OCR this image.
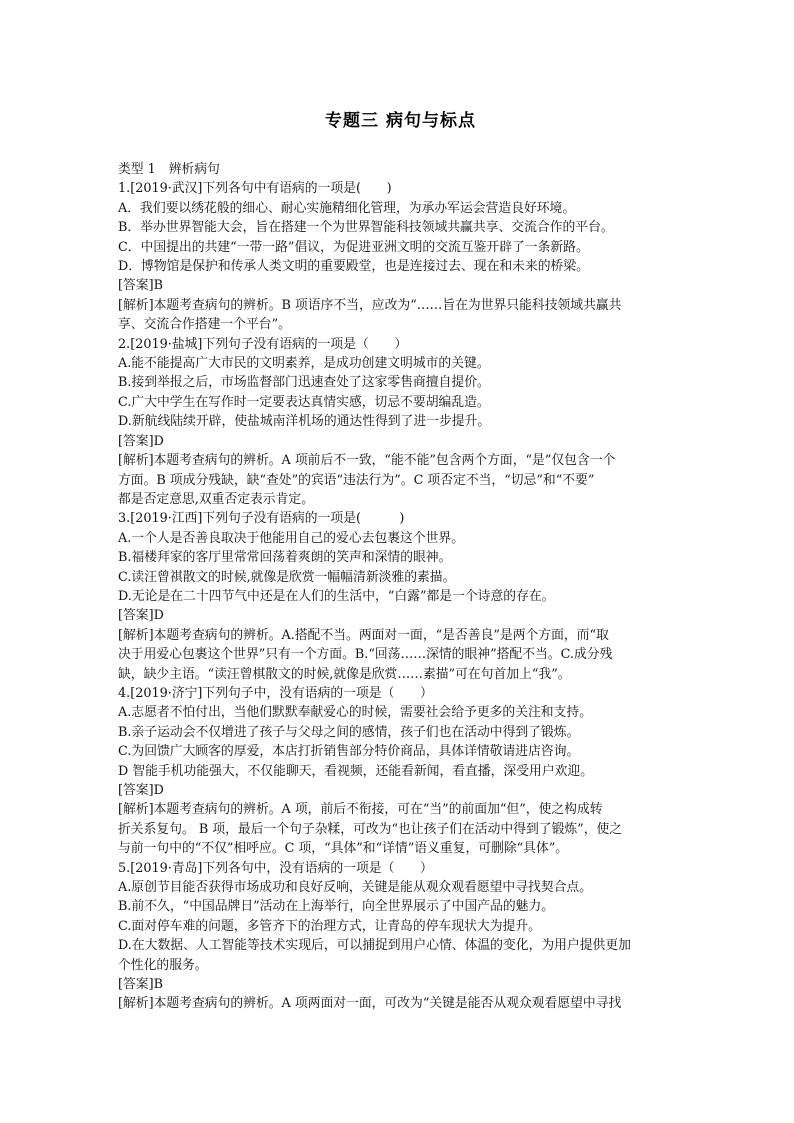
专题三 病句与标点
类型 1　辨析病句
1.[2019·武汉]下列各句中有语病的一项是(　　)
A．我们要以绣花般的细心、耐心实施精细化管理，为承办军运会营造良好环境。
B．举办世界智能大会，旨在搭建一个为世界智能科技领域共赢共享、交流合作的平台。
C．中国提出的共建“一带一路”倡议，为促进亚洲文明的交流互鉴开辟了一条新路。
D．博物馆是保护和传承人类文明的重要殿堂，也是连接过去、现在和未来的桥梁。
[答案]B
[解析]本题考查病句的辨析。B 项语序不当，应改为“……旨在为世界只能科技领域共赢共
享、交流合作搭建一个平台”。
2.[2019·盐城]下列句子没有语病的一项是（　　）
A.能不能提高广大市民的文明素养，是成功创建文明城市的关键。
B.接到举报之后，市场监督部门迅速查处了这家零售商擅自提价。
C.广大中学生在写作时一定要表达真情实感，切忌不要胡编乱造。
D.新航线陆续开辟，使盐城南洋机场的通达性得到了进一步提升。
[答案]D
[解析]本题考查病句的辨析。A 项前后不一致，“能不能”包含两个方面，“是”仅包含一个
方面。B 项成分残缺，缺“查处”的宾语“违法行为”。C 项否定不当，“切忌”和“不要”
都是否定意思,双重否定表示肯定。
3.[2019·江西]下列句子没有语病的一项是(　　　)
A.一个人是否善良取决于他能用自己的爱心去包裹这个世界。
B.福楼拜家的客厅里常常回荡着爽朗的笑声和深情的眼神。
C.读汪曾祺散文的时候,就像是欣赏一幅幅清新淡雅的素描。
D.无论是在二十四节气中还是在人们的生活中，“白露”都是一个诗意的存在。
[答案]D
[解析]本题考查病句的辨析。A.搭配不当。两面对一面，“是否善良”是两个方面，而“取
决于用爱心包裹这个世界”只有一个方面。B.“回荡……深情的眼神”搭配不当。C.成分残
缺，缺少主语。“读汪曾棋散文的时候,就像是欣赏……素描”可在句首加上“我”。
4.[2019·济宁]下列句子中，没有语病的一项是（　　）
A.志愿者不怕付出，当他们默默奉献爱心的时候，需要社会给予更多的关注和支持。
B.亲子运动会不仅增进了孩子与父母之间的感情，孩子们也在活动中得到了锻炼。
C.为回馈广大顾客的厚爱，本店打折销售部分特价商品，具体详情敬请进店咨询。
D 智能手机功能强大，不仅能聊天，看视频，还能看新闻，看直播，深受用户欢迎。
[答案]D
[解析]本题考查病句的辨析。A 项，前后不衔接，可在“当”的前面加“但”，使之构成转
折关系复句。 B 项，最后一个句子杂糅，可改为“也让孩子们在活动中得到了锻炼”，使之
与前一句中的“不仅”相呼应。C 项，“具体”和“详情”语义重复，可删除“具体”。
5.[2019·青岛]下列各句中，没有语病的一项是（　　）
A.原创节目能否获得市场成功和良好反响，关键是能从观众观看愿望中寻找契合点。
B.前不久，“中国品牌日”活动在上海举行，向全世界展示了中国产品的魅力。
C.面对停车难的问题，多管齐下的治理方式，让青岛的停车现状大为提升。
D.在大数据、人工智能等技术实现后，可以捕捉到用户心情、体温的变化，为用户提供更加
个性化的服务。
[答案]B
[解析]本题考查病句的辨析。A 项两面对一面，可改为“关键是能否从观众观看愿望中寻找
